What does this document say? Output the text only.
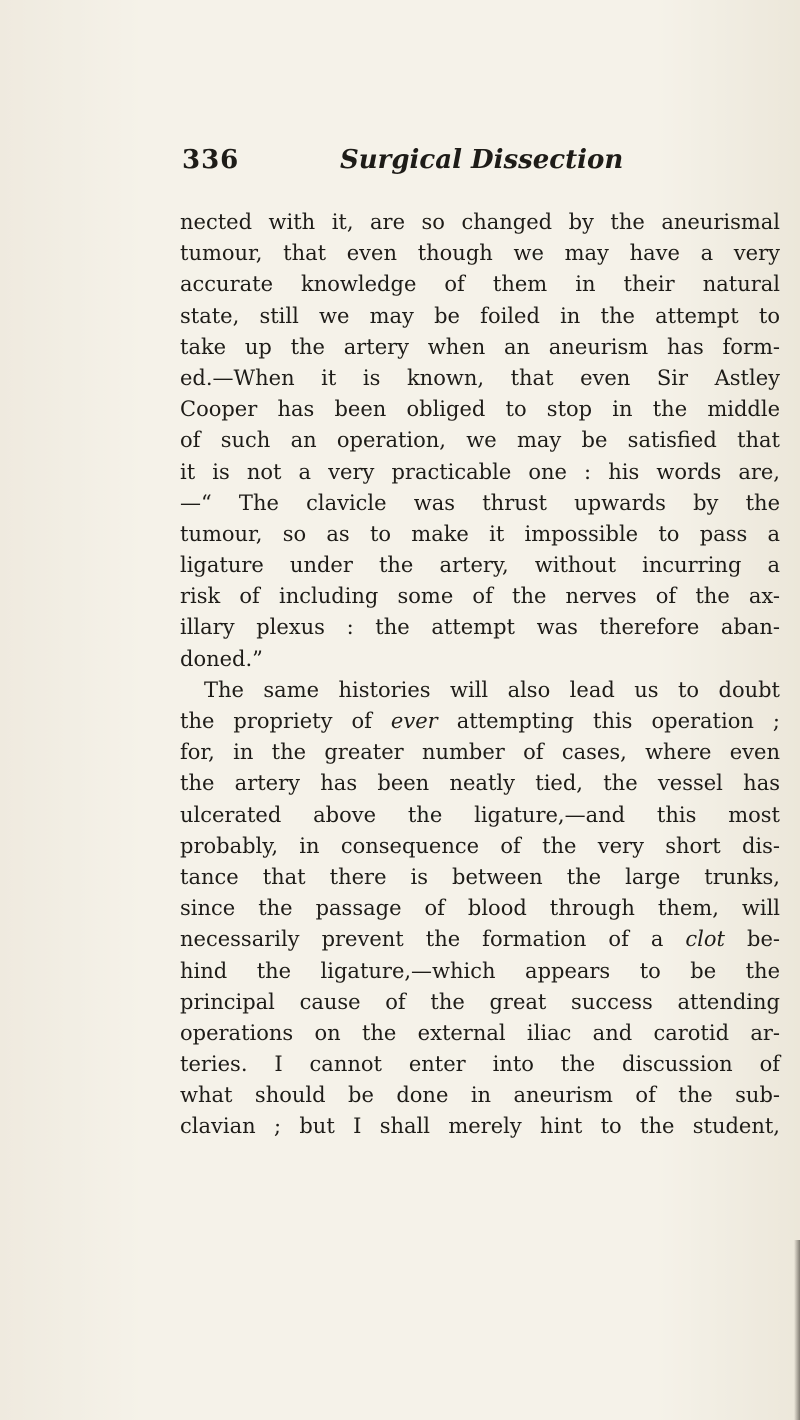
336	Surgical Dissection
nected with it, are so changed by the aneurismal
tumour, that even though we may have a very
accurate knowledge of them in their natural
state, still we may be foiled in the attempt to
take up the artery when an aneurism has form-
ed.—When it is known, that even Sir Astley
Cooper has been obliged to stop in the middle
of such an operation, we may be satisfied that
it is not a very practicable one : his words are,
—“ The clavicle was thrust upwards by the
tumour, so as to make it impossible to pass a
ligature under the artery, without incurring a
risk of including some of the nerves of the ax-
illary plexus : the attempt was therefore aban-
doned.”
The same histories will also lead us to doubt
the propriety of ever attempting this operation ;
for, in the greater number of cases, where even
the artery has been neatly tied, the vessel has
ulcerated above the ligature,—and this most
probably, in consequence of the very short dis-
tance that there is between the large trunks,
since the passage of blood through them, will
necessarily prevent the formation of a clot be-
hind the ligature,—which appears to be the
principal cause of the great success attending
operations on the external iliac and carotid ar-
teries. I cannot enter into the discussion of
what should be done in aneurism of the sub-
clavian ; but I shall merely hint to the student,
